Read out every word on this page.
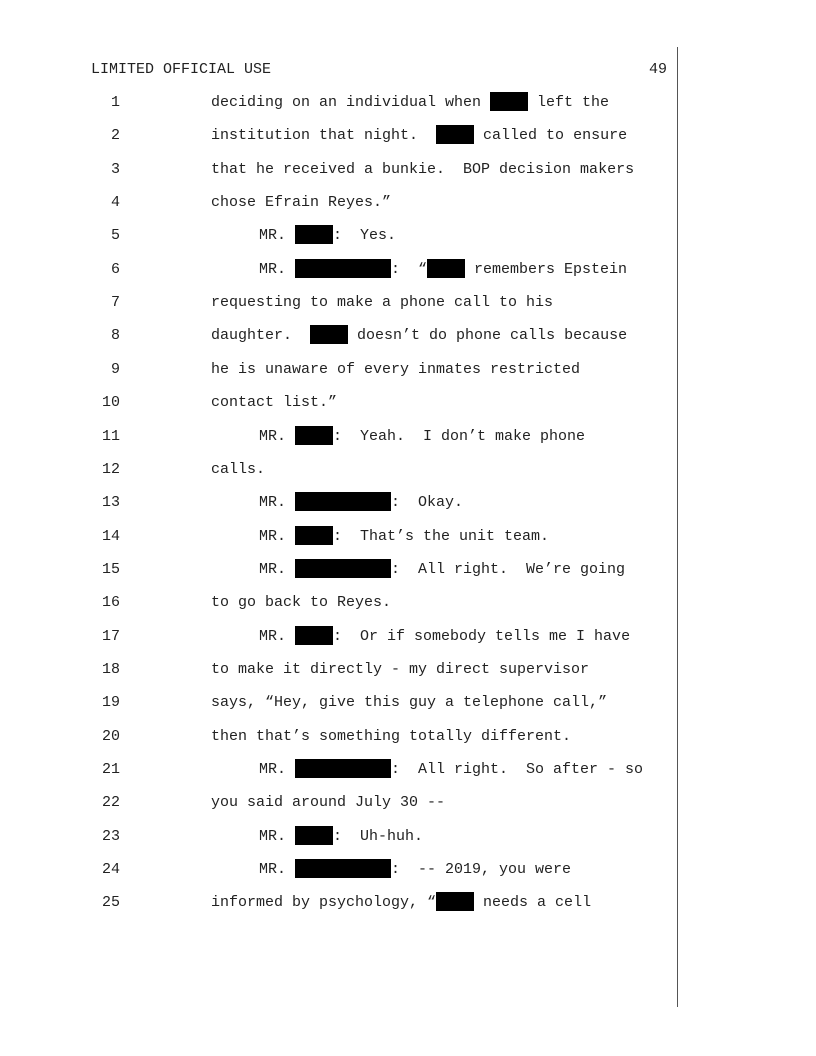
LIMITED OFFICIAL USE	49
1	deciding on an individual when	left the
2	institution that night.	called to ensure
3	that he received a bunkie.  BOP decision makers
4	chose Efrain Reyes.”
5	MR.	:  Yes.
6	MR.	:  “	remembers Epstein
7	requesting to make a phone call to his
8	daughter.	doesn’t do phone calls because
9	he is unaware of every inmates restricted
10	contact list.”
11	MR.	:  Yeah.  I don’t make phone
12	calls.
13	MR.	:  Okay.
14	MR.	:  That’s the unit team.
15	MR.	:  All right.  We’re going
16	to go back to Reyes.
17	MR.	:  Or if somebody tells me I have
18	to make it directly - my direct supervisor
19	says, “Hey, give this guy a telephone call,”
20	then that’s something totally different.
21	MR.	:  All right.  So after - so
22	you said around July 30 --
23	MR.	:  Uh-huh.
24	MR.	:  -- 2019, you were
25	informed by psychology, “	needs a cell
